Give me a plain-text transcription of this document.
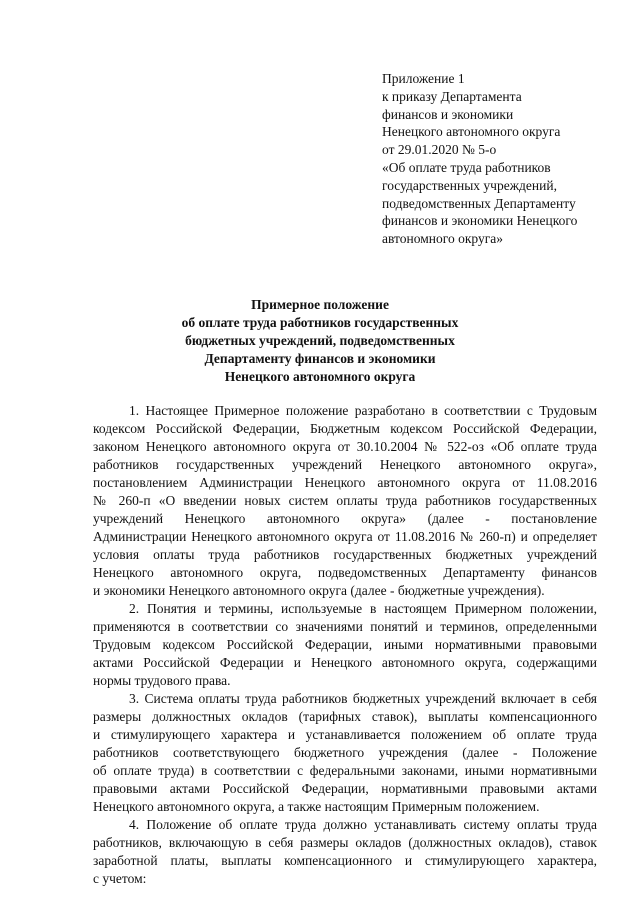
Приложение 1
к приказу Департамента
финансов и экономики
Ненецкого автономного округа
от 29.01.2020 № 5-о
«Об оплате труда работников
государственных учреждений,
подведомственных Департаменту
финансов и экономики Ненецкого
автономного округа»
Примерное положение
об оплате труда работников государственных
бюджетных учреждений, подведомственных
Департаменту финансов и экономики
Ненецкого автономного округа
1. Настоящее Примерное положение разработано в соответствии с Трудовым
кодексом Российской Федерации, Бюджетным кодексом Российской Федерации,
законом Ненецкого автономного округа от 30.10.2004 № 522-оз «Об оплате труда
работников государственных учреждений Ненецкого автономного округа»,
постановлением Администрации Ненецкого автономного округа от 11.08.2016
№ 260-п «О введении новых систем оплаты труда работников государственных
учреждений Ненецкого автономного округа» (далее - постановление
Администрации Ненецкого автономного округа от 11.08.2016 № 260-п) и определяет
условия оплаты труда работников государственных бюджетных учреждений
Ненецкого автономного округа, подведомственных Департаменту финансов
и экономики Ненецкого автономного округа (далее - бюджетные учреждения).
2. Понятия и термины, используемые в настоящем Примерном положении,
применяются в соответствии со значениями понятий и терминов, определенными
Трудовым кодексом Российской Федерации, иными нормативными правовыми
актами Российской Федерации и Ненецкого автономного округа, содержащими
нормы трудового права.
3. Система оплаты труда работников бюджетных учреждений включает в себя
размеры должностных окладов (тарифных ставок), выплаты компенсационного
и стимулирующего характера и устанавливается положением об оплате труда
работников соответствующего бюджетного учреждения (далее - Положение
об оплате труда) в соответствии с федеральными законами, иными нормативными
правовыми актами Российской Федерации, нормативными правовыми актами
Ненецкого автономного округа, а также настоящим Примерным положением.
4. Положение об оплате труда должно устанавливать систему оплаты труда
работников, включающую в себя размеры окладов (должностных окладов), ставок
заработной платы, выплаты компенсационного и стимулирующего характера,
с учетом:
